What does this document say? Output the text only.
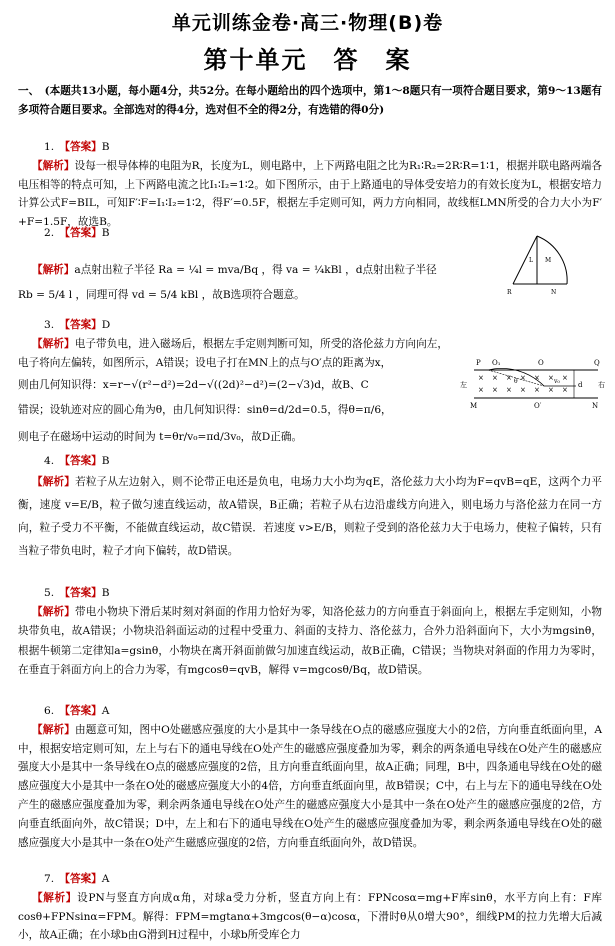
单元训练金卷·高三·物理(B)卷
第十单元　答　案
一、　(本题共13小题，每小题4分，共52分。在每小题给出的四个选项中，第1～8题只有一项符合题目要求，第9～13题有多项符合题目要求。全部选对的得4分，选对但不全的得2分，有选错的得0分)
1.　 【答案】B
【解析】设每一根导体棒的电阻为R，长度为L，则电路中，上下两路电阻之比为R₁∶R₂=2R∶R=1∶1，根据并联电路两端各电压相等的特点可知，上下两路电流之比I₁∶I₂=1∶2。如下图所示，由于上路通电的导体受安培力的有效长度为L，根据安培力计算公式F=BIL，可知F′∶F=I₁∶I₂=1∶2，得F′=0.5F，根据左手定则可知，两力方向相同，故线框LMN所受的合力大小为F′+F=1.5F，故选B。
2.　 【答案】B
【解析】a点射出粒子半径 Ra = ¼l = mva/Bq ，得 va = ¼kBl ，d点射出粒子半径
Rb = 5/4 l ，同理可得 vd = 5/4 kBl ，故B选项符合题意。	R
L M
N
3.　 【答案】D
【解析】电子带负电，进入磁场后，根据左手定则判断可知，所受的洛伦兹力方向向左，电子将向左偏转，如图所示，A错误；设电子打在MN上的点与O′点的距离为x，
则由几何知识得：x=r−√(r²−d²)=2d−√((2d)²−d²)=(2−√3)d，故B、C
错误；设轨迹对应的圆心角为θ，由几何知识得：sinθ=d/2d=0.5，得θ=π/6，
则电子在磁场中运动的时间为 t=θr/v₀=πd/3v₀，故D正确。
× × × × × × ×
× × × × × × ×
P O₁	O	Q
左	右
d
M	O′	N
θ	v₀
4.　 【答案】B
【解析】若粒子从左边射入，则不论带正电还是负电，电场力大小均为qE，洛伦兹力大小均为F=qvB=qE，这两个力平衡，速度 v=E/B，粒子做匀速直线运动，故A错误，B正确；若粒子从右边沿虚线方向进入，则电场力与洛伦兹力在同一方向，粒子受力不平衡，不能做直线运动，故C错误．若速度 v>E/B，则粒子受到的洛伦兹力大于电场力，使粒子偏转，只有当粒子带负电时，粒子才向下偏转，故D错误。
5.　 【答案】B
【解析】带电小物块下滑后某时刻对斜面的作用力恰好为零，知洛伦兹力的方向垂直于斜面向上，根据左手定则知，小物块带负电，故A错误；小物块沿斜面运动的过程中受重力、斜面的支持力、洛伦兹力，合外力沿斜面向下，大小为mgsinθ，根据牛顿第二定律知a=gsinθ，小物块在离开斜面前做匀加速直线运动，故B正确，C错误；当物块对斜面的作用力为零时，在垂直于斜面方向上的合力为零，有mgcosθ=qvB，解得 v=mgcosθ/Bq，故D错误。
6.　 【答案】A
【解析】由题意可知，图中O处磁感应强度的大小是其中一条导线在O点的磁感应强度大小的2倍，方向垂直纸面向里，A中，根据安培定则可知，左上与右下的通电导线在O处产生的磁感应强度叠加为零，剩余的两条通电导线在O处产生的磁感应强度大小是其中一条导线在O点的磁感应强度的2倍，且方向垂直纸面向里，故A正确；同理，B中，四条通电导线在O处的磁感应强度大小是其中一条在O处的磁感应强度大小的4倍，方向垂直纸面向里，故B错误；C中，右上与左下的通电导线在O处产生的磁感应强度叠加为零，剩余两条通电导线在O处产生的磁感应强度大小是其中一条在O处产生的磁感应强度的2倍，方向垂直纸面向外，故C错误；D中，左上和右下的通电导线在O处产生的磁感应强度叠加为零，剩余两条通电导线在O处的磁感应强度大小是其中一条在O处产生磁感应强度的2倍，方向垂直纸面向外，故D错误。
7.　 【答案】A
【解析】设PN与竖直方向成α角，对球a受力分析，竖直方向上有：FPNcosα=mg+F库sinθ，水平方向上有：F库cosθ+FPNsinα=FPM。解得：FPM=mgtanα+3mgcos(θ−α)cosα，下滑时θ从0增大90°，细线PM的拉力先增大后减小，故A正确；在小球b由G滑到H过程中，小球b所受库仑力
